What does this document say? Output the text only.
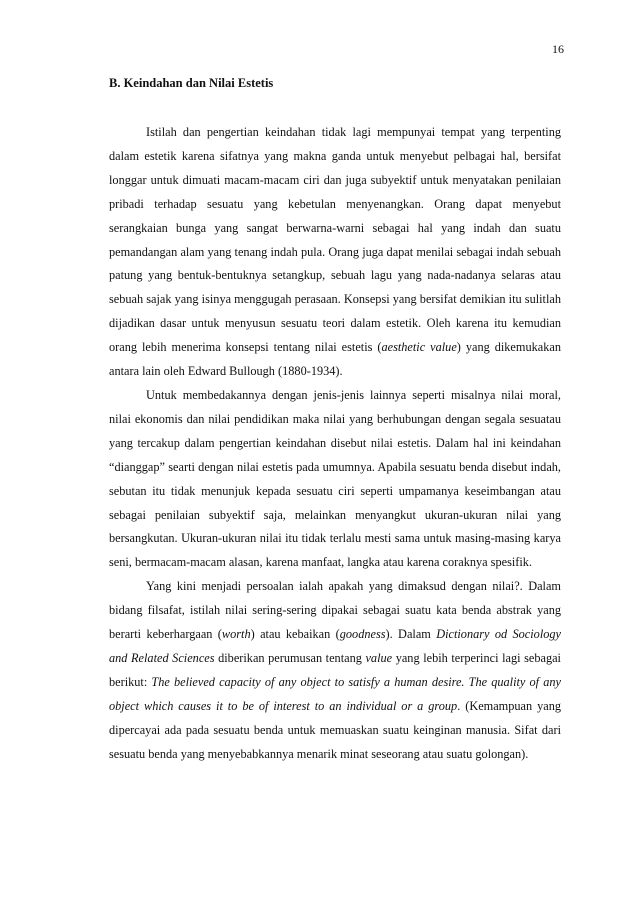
16
B. Keindahan dan Nilai Estetis

Istilah dan pengertian keindahan tidak lagi mempunyai tempat yang terpenting dalam estetik karena sifatnya yang makna ganda untuk menyebut pelbagai hal, bersifat longgar untuk dimuati macam-macam ciri dan juga subyektif untuk menyatakan penilaian pribadi terhadap sesuatu yang kebetulan menyenangkan. Orang dapat menyebut serangkaian bunga yang sangat berwarna-warni sebagai hal yang indah dan suatu pemandangan alam yang tenang indah pula. Orang juga dapat menilai sebagai indah sebuah patung yang bentuk-bentuknya setangkup, sebuah lagu yang nada-nadanya selaras atau sebuah sajak yang isinya menggugah perasaan. Konsepsi yang bersifat demikian itu sulitlah dijadikan dasar untuk menyusun sesuatu teori dalam estetik. Oleh karena itu kemudian orang lebih menerima konsepsi tentang nilai estetis (aesthetic value) yang dikemukakan antara lain oleh Edward Bullough (1880-1934).

Untuk membedakannya dengan jenis-jenis lainnya seperti misalnya nilai moral, nilai ekonomis dan nilai pendidikan maka nilai yang berhubungan dengan segala sesuatau yang tercakup dalam pengertian keindahan disebut nilai estetis. Dalam hal ini keindahan “dianggap” searti dengan nilai estetis pada umumnya. Apabila sesuatu benda disebut indah, sebutan itu tidak menunjuk kepada sesuatu ciri seperti umpamanya keseimbangan atau sebagai penilaian subyektif saja, melainkan menyangkut ukuran-ukuran nilai yang bersangkutan. Ukuran-ukuran nilai itu tidak terlalu mesti sama untuk masing-masing karya seni, bermacam-macam alasan, karena manfaat, langka atau karena coraknya spesifik.

Yang kini menjadi persoalan ialah apakah yang dimaksud dengan nilai?. Dalam bidang filsafat, istilah nilai sering-sering dipakai sebagai suatu kata benda abstrak yang berarti keberhargaan (worth) atau kebaikan (goodness). Dalam Dictionary od Sociology and Related Sciences diberikan perumusan tentang value yang lebih terperinci lagi sebagai berikut: The believed capacity of any object to satisfy a human desire. The quality of any object which causes it to be of interest to an individual or a group. (Kemampuan yang dipercayai ada pada sesuatu benda untuk memuaskan suatu keinginan manusia. Sifat dari sesuatu benda yang menyebabkannya menarik minat seseorang atau suatu golongan).
